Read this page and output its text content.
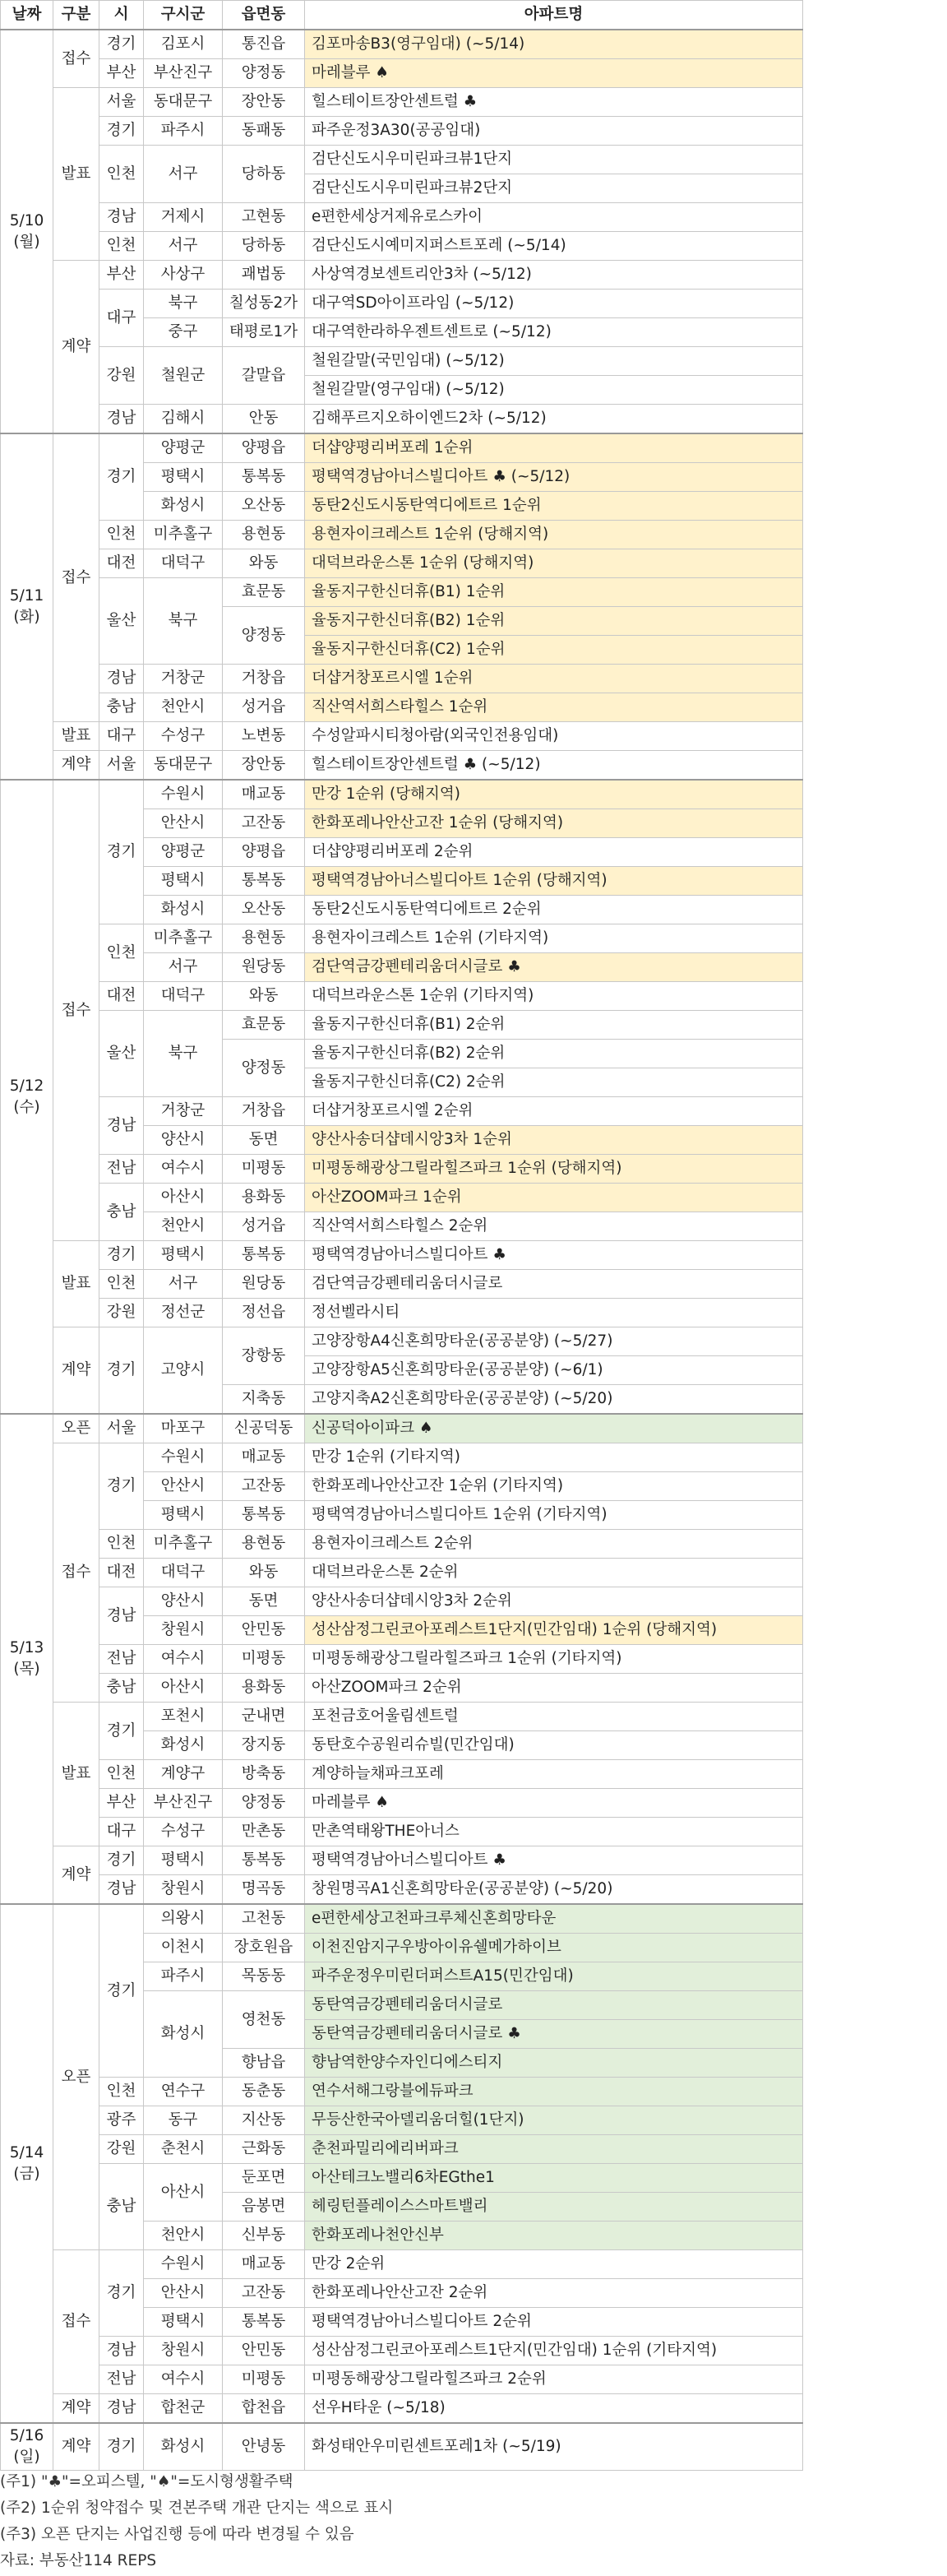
날짜	구분	시	구시군	읍면동	아파트명

5/10
(월)	접수	경기	김포시	통진읍	김포마송B3(영구임대) (~5/14)
		부산	부산진구	양정동	마레블루 ♠
	발표	서울	동대문구	장안동	힐스테이트장안센트럴 ♣
		경기	파주시	동패동	파주운정3A30(공공임대)
		인천	서구	당하동	검단신도시우미린파크뷰1단지
					검단신도시우미린파크뷰2단지
		경남	거제시	고현동	e편한세상거제유로스카이
		인천	서구	당하동	검단신도시예미지퍼스트포레 (~5/14)
	계약	부산	사상구	괘법동	사상역경보센트리안3차 (~5/12)
		대구	북구	칠성동2가	대구역SD아이프라임 (~5/12)
			중구	태평로1가	대구역한라하우젠트센트로 (~5/12)
		강원	철원군	갈말읍	철원갈말(국민임대) (~5/12)
					철원갈말(영구임대) (~5/12)
		경남	김해시	안동	김해푸르지오하이엔드2차 (~5/12)

5/11
(화)	접수	경기	양평군	양평읍	더샵양평리버포레 1순위
			평택시	통복동	평택역경남아너스빌디아트 ♣ (~5/12)
			화성시	오산동	동탄2신도시동탄역디에트르 1순위
		인천	미추홀구	용현동	용현자이크레스트 1순위 (당해지역)
		대전	대덕구	와동	대덕브라운스톤 1순위 (당해지역)
		울산	북구	효문동	율동지구한신더휴(B1) 1순위
				양정동	율동지구한신더휴(B2) 1순위
					율동지구한신더휴(C2) 1순위
		경남	거창군	거창읍	더샵거창포르시엘 1순위
		충남	천안시	성거읍	직산역서희스타힐스 1순위
	발표	대구	수성구	노변동	수성알파시티청아람(외국인전용임대)
	계약	서울	동대문구	장안동	힐스테이트장안센트럴 ♣ (~5/12)

5/12
(수)	접수	경기	수원시	매교동	만강 1순위 (당해지역)
			안산시	고잔동	한화포레나안산고잔 1순위 (당해지역)
			양평군	양평읍	더샵양평리버포레 2순위
			평택시	통복동	평택역경남아너스빌디아트 1순위 (당해지역)
			화성시	오산동	동탄2신도시동탄역디에트르 2순위
		인천	미추홀구	용현동	용현자이크레스트 1순위 (기타지역)
			서구	원당동	검단역금강펜테리움더시글로 ♣
		대전	대덕구	와동	대덕브라운스톤 1순위 (기타지역)
		울산	북구	효문동	율동지구한신더휴(B1) 2순위
				양정동	율동지구한신더휴(B2) 2순위
					율동지구한신더휴(C2) 2순위
		경남	거창군	거창읍	더샵거창포르시엘 2순위
			양산시	동면	양산사송더샵데시앙3차 1순위
		전남	여수시	미평동	미평동해광상그릴라힐즈파크 1순위 (당해지역)
		충남	아산시	용화동	아산ZOOM파크 1순위
			천안시	성거읍	직산역서희스타힐스 2순위
	발표	경기	평택시	통복동	평택역경남아너스빌디아트 ♣
		인천	서구	원당동	검단역금강펜테리움더시글로
		강원	정선군	정선읍	정선벨라시티
	계약	경기	고양시	장항동	고양장항A4신혼희망타운(공공분양) (~5/27)
					고양장항A5신혼희망타운(공공분양) (~6/1)
				지축동	고양지축A2신혼희망타운(공공분양) (~5/20)

5/13
(목)	오픈	서울	마포구	신공덕동	신공덕아이파크 ♠
	접수	경기	수원시	매교동	만강 1순위 (기타지역)
			안산시	고잔동	한화포레나안산고잔 1순위 (기타지역)
			평택시	통복동	평택역경남아너스빌디아트 1순위 (기타지역)
		인천	미추홀구	용현동	용현자이크레스트 2순위
		대전	대덕구	와동	대덕브라운스톤 2순위
		경남	양산시	동면	양산사송더샵데시앙3차 2순위
			창원시	안민동	성산삼정그린코아포레스트1단지(민간임대) 1순위 (당해지역)
		전남	여수시	미평동	미평동해광상그릴라힐즈파크 1순위 (기타지역)
		충남	아산시	용화동	아산ZOOM파크 2순위
	발표	경기	포천시	군내면	포천금호어울림센트럴
			화성시	장지동	동탄호수공원리슈빌(민간임대)
		인천	계양구	방축동	계양하늘채파크포레
		부산	부산진구	양정동	마레블루 ♠
		대구	수성구	만촌동	만촌역태왕THE아너스
	계약	경기	평택시	통복동	평택역경남아너스빌디아트 ♣
		경남	창원시	명곡동	창원명곡A1신혼희망타운(공공분양) (~5/20)

5/14
(금)	오픈	경기	의왕시	고천동	e편한세상고천파크루체신혼희망타운
			이천시	장호원읍	이천진암지구우방아이유쉘메가하이브
			파주시	목동동	파주운정우미린더퍼스트A15(민간임대)
			화성시	영천동	동탄역금강펜테리움더시글로
					동탄역금강펜테리움더시글로 ♣
				향남읍	향남역한양수자인디에스티지
		인천	연수구	동춘동	연수서해그랑블에듀파크
		광주	동구	지산동	무등산한국아델리움더힐(1단지)
		강원	춘천시	근화동	춘천파밀리에리버파크
		충남	아산시	둔포면	아산테크노밸리6차EGthe1
				음봉면	헤링턴플레이스스마트밸리
			천안시	신부동	한화포레나천안신부
	접수	경기	수원시	매교동	만강 2순위
			안산시	고잔동	한화포레나안산고잔 2순위
			평택시	통복동	평택역경남아너스빌디아트 2순위
		경남	창원시	안민동	성산삼정그린코아포레스트1단지(민간임대) 1순위 (기타지역)
		전남	여수시	미평동	미평동해광상그릴라힐즈파크 2순위
	계약	경남	합천군	합천읍	선우H타운 (~5/18)

5/16
(일)	계약	경기	화성시	안녕동	화성태안우미린센트포레1차 (~5/19)
(주1) "♣"=오피스텔, "♠"=도시형생활주택
(주2) 1순위 청약접수 및 견본주택 개관 단지는 색으로 표시
(주3) 오픈 단지는 사업진행 등에 따라 변경될 수 있음
자료: 부동산114 REPS
